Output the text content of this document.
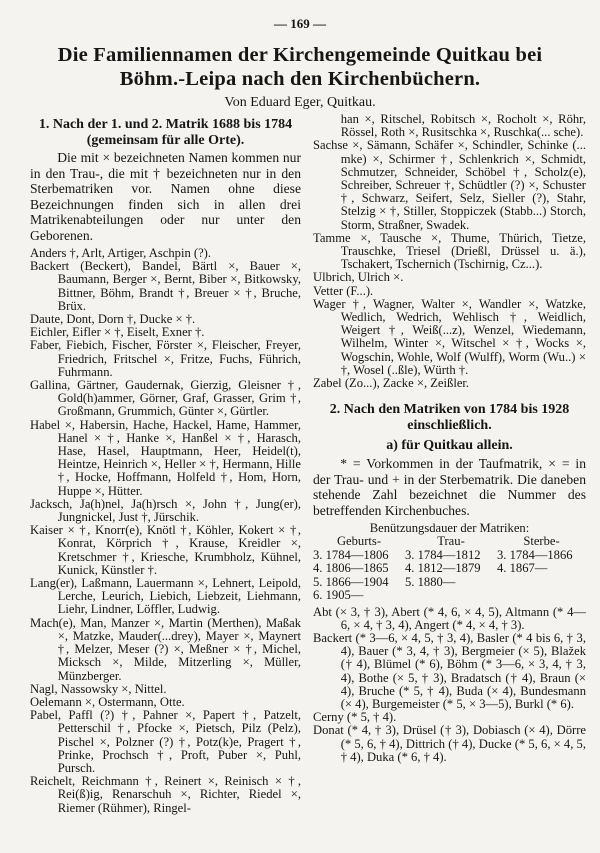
— 169 —
Die Familiennamen der Kirchengemeinde Quitkau bei Böhm.-Leipa nach den Kirchenbüchern.
Von Eduard Eger, Quitkau.

1. Nach der 1. und 2. Matrik 1688 bis 1784 (gemeinsam für alle Orte).

Die mit × bezeichneten Namen kommen nur in den Trau-, die mit † bezeichneten nur in den Sterbematriken vor. Namen ohne diese Bezeichnungen finden sich in allen drei Matrikenabteilungen oder nur unter den Geborenen.

Anders †, Arlt, Artiger, Aschpin (?).

Backert (Beckert), Bandel, Bärtl ×, Bauer ×, Baumann, Berger ×, Bernt, Biber ×, Bitkowsky, Bittner, Böhm, Brandt †, Breuer × †, Bruche, Brüx.

Daute, Dont, Dorn †, Ducke × †.

Eichler, Eifler × †, Eiselt, Exner †.

Faber, Fiebich, Fischer, Förster ×, Fleischer, Freyer, Friedrich, Fritschel ×, Fritze, Fuchs, Führich, Fuhrmann.

Gallina, Gärtner, Gaudernak, Gierzig, Gleisner †, Gold(h)ammer, Görner, Graf, Grasser, Grim †, Großmann, Grummich, Günter ×, Gürtler.

Habel ×, Habersin, Hache, Hackel, Hame, Hammer, Hanel × †, Hanke ×, Hanßel × †, Harasch, Hase, Hasel, Hauptmann, Heer, Heidel(t), Heintze, Heinrich ×, Heller × †, Hermann, Hille †, Hocke, Hoffmann, Holfeld †, Hom, Horn, Huppe ×, Hütter.

Jacksch, Ja(h)nel, Ja(h)rsch ×, John †, Jung(er), Jungnickel, Just †, Jürschik.

Kaiser × †, Knorr(e), Knötl †, Köhler, Kokert × †, Konrat, Körprich †, Krause, Kreidler ×, Kretschmer †, Kriesche, Krumbholz, Kühnel, Kunick, Künstler †.

Lang(er), Laßmann, Lauermann ×, Lehnert, Leipold, Lerche, Leurich, Liebich, Liebzeit, Liehmann, Liehr, Lindner, Löffler, Ludwig.

Mach(e), Man, Manzer ×, Martin (Merthen), Maßak ×, Matzke, Mauder(...drey), Mayer ×, Maynert †, Melzer, Meser (?) ×, Meßner × †, Michel, Micksch ×, Milde, Mitzerling ×, Müller, Münzberger.

Nagl, Nassowsky ×, Nittel.

Oelemann ×, Ostermann, Otte.

Pabel, Paffl (?) †, Pahner ×, Papert †, Patzelt, Petterschil †, Pfocke ×, Pietsch, Pilz (Pelz), Pischel ×, Polzner (?) †, Potz(k)e, Pragert †, Prinke, Prochsch †, Proft, Puber ×, Puhl, Pursch.

Reichelt, Reichmann †, Reinert ×, Reinisch × †, Rei(ß)ig, Renarschuh ×, Richter, Riedel ×, Riemer (Rühmer), Ringel-

han ×, Ritschel, Robitsch ×, Rocholt ×, Röhr, Rössel, Roth ×, Rusitschka ×, Ruschka(... sche).

Sachse ×, Sämann, Schäfer ×, Schindler, Schinke (... mke) ×, Schirmer †, Schlenkrich ×, Schmidt, Schmutzer, Schneider, Schöbel †, Scholz(e), Schreiber, Schreuer †, Schüdtler (?) ×, Schuster †, Schwarz, Seifert, Selz, Sieller (?), Stahr, Stelzig × †, Stiller, Stoppiczek (Stabb...) Storch, Storm, Straßner, Swadek.

Tamme ×, Tausche ×, Thume, Thürich, Tietze, Trauschke, Triesel (Drießl, Drüssel u. ä.), Tschakert, Tschernich (Tschirnig, Cz...).

Ulbrich, Ulrich ×.

Vetter (F...).

Wager †, Wagner, Walter ×, Wandler ×, Watzke, Wedlich, Wedrich, Wehlisch †, Weidlich, Weigert †, Weiß(...z), Wenzel, Wiedemann, Wilhelm, Winter ×, Witschel × †, Wocks ×, Wogschin, Wohle, Wolf (Wulff), Worm (Wu..) × †, Wosel (..ßle), Würth †.

Zabel (Zo...), Zacke ×, Zeißler.

2. Nach den Matriken von 1784 bis 1928 einschließlich.

a) für Quitkau allein.

* = Vorkommen in der Taufmatrik, × = in der Trau- und + in der Sterbematrik. Die daneben stehende Zahl bezeichnet die Nummer des betreffenden Kirchenbuches.

Benützungsdauer der Matriken:
Geburts-	Trau-	Sterbe-
3. 1784—1806	3. 1784—1812	3. 1784—1866
4. 1806—1865	4. 1812—1879	4. 1867—
5. 1866—1904	5. 1880—
6. 1905—

Abt (× 3, † 3), Abert (* 4, 6, × 4, 5), Altmann (* 4—6, × 4, † 3, 4), Angert (* 4, × 4, † 3).

Backert (* 3—6, × 4, 5, † 3, 4), Basler (* 4 bis 6, † 3, 4), Bauer (* 3, 4, † 3), Bergmeier (× 5), Blažek († 4), Blümel (* 6), Böhm (* 3—6, × 3, 4, † 3, 4), Bothe (× 5, † 3), Bradatsch († 4), Braun (× 4), Bruche (* 5, † 4), Buda (× 4), Bundesmann (× 4), Burgemeister (* 5, × 3—5), Burkl (* 6).

Cerny (* 5, † 4).

Donat (* 4, † 3), Drüsel († 3), Dobiasch (× 4), Dörre (* 5, 6, † 4), Dittrich († 4), Ducke (* 5, 6, × 4, 5, † 4), Duka (* 6, † 4).
